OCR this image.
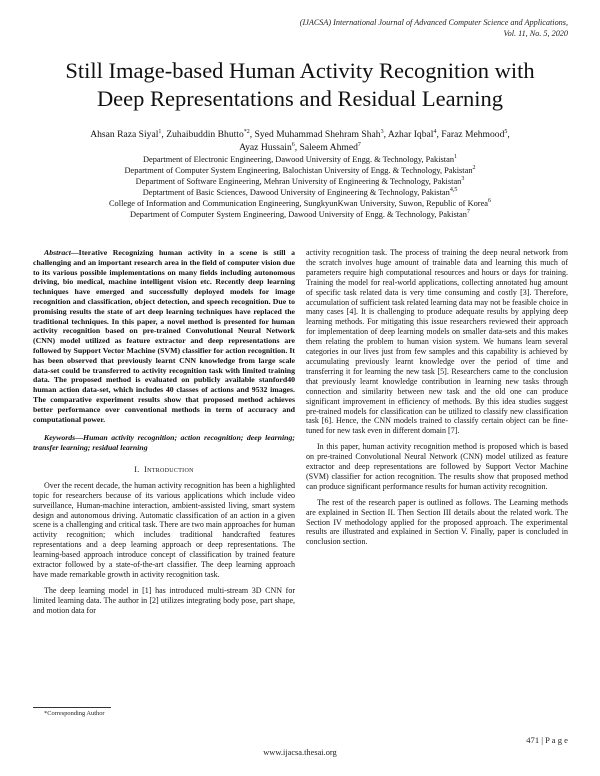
(IJACSA) International Journal of Advanced Computer Science and Applications,
Vol. 11, No. 5, 2020
Still Image-based Human Activity Recognition with
Deep Representations and Residual Learning
Ahsan Raza Siyal$^1$, Zuhaibuddin Bhutto$^{*2}$, Syed Muhammad Shehram Shah$^3$, Azhar Iqbal$^4$, Faraz Mehmood$^5$,
Ayaz Hussain$^6$, Saleem Ahmed$^7$
Department of Electronic Engineering, Dawood University of Engg. & Technology, Pakistan$^1$
Department of Computer System Engineering, Balochistan University of Engg. & Technology, Pakistan$^2$
Department of Software Engineering, Mehran University of Engineering & Technology, Pakistan$^3$
Deptartment of Basic Sciences, Dawood University of Engineering & Technology, Pakistan$^{4,5}$
College of Information and Communication Engineering, SungkyunKwan University, Suwon, Republic of Korea$^6$
Department of Computer System Engineering, Dawood University of Engg. & Technology, Pakistan$^7$
Abstract—Iterative Recognizing human activity in a scene is still a challenging and an important research area in the field of computer vision due to its various possible implementations on many fields including autonomous driving, bio medical, machine intelligent vision etc. Recently deep learning techniques have emerged and successfully deployed models for image recognition and classification, object detection, and speech recognition. Due to promising results the state of art deep learning techniques have replaced the traditional techniques. In this paper, a novel method is presented for human activity recognition based on pre-trained Convolutional Neural Network (CNN) model utilized as feature extractor and deep representations are followed by Support Vector Machine (SVM) classifier for action recognition. It has been observed that previously learnt CNN knowledge from large scale data-set could be transferred to activity recognition task with limited training data. The proposed method is evaluated on publicly available stanford40 human action data-set, which includes 40 classes of actions and 9532 images. The comparative experiment results show that proposed method achieves better performance over conventional methods in term of accuracy and computational power.
Keywords—Human activity recognition; action recognition; deep learning; transfer learning; residual learning
I. Introduction

Over the recent decade, the human activity recognition has been a highlighted topic for researchers because of its various applications which include video surveillance, Human-machine interaction, ambient-assisted living, smart system design and autonomous driving. Automatic classification of an action in a given scene is a challenging and critical task. There are two main approaches for human activity recognition; which includes traditional handcrafted features representations and a deep learning approach or deep representations. The learning-based approach introduce concept of classification by trained feature extractor followed by a state-of-the-art classifier. The deep learning approach have made remarkable growth in activity recognition task.

The deep learning model in [1] has introduced multi-stream 3D CNN for limited learning data. The author in [2] utilizes integrating body pose, part shape, and motion data for

activity recognition task. The process of training the deep neural network from the scratch involves huge amount of trainable data and learning this much of parameters require high computational resources and hours or days for training. Training the model for real-world applications, collecting annotated hug amount of specific task related data is very time consuming and costly [3]. Therefore, accumulation of sufficient task related learning data may not be feasible choice in many cases [4]. It is challenging to produce adequate results by applying deep learning methods. For mitigating this issue researchers reviewed their approach for implementation of deep learning models on smaller data-sets and this makes them relating the problem to human vision system. We humans learn several categories in our lives just from few samples and this capability is achieved by accumulating previously learnt knowledge over the period of time and transferring it for learning the new task [5]. Researchers came to the conclusion that previously learnt knowledge contribution in learning new tasks through connection and similarity between new task and the old one can produce significant improvement in efficiency of methods. By this idea studies suggest pre-trained models for classification can be utilized to classify new classification task [6]. Hence, the CNN models trained to classify certain object can be fine-tuned for new task even in different domain [7].

In this paper, human activity recognition method is proposed which is based on pre-trained Convolutional Neural Network (CNN) model utilized as feature extractor and deep representations are followed by Support Vector Machine (SVM) classifier for action recognition. The results show that proposed method can produce significant performance results for human activity recognition.

The rest of the research paper is outlined as follows. The Learning methods are explained in Section II. Then Section III details about the related work. The Section IV methodology applied for the proposed approach. The experimental results are illustrated and explained in Section V. Finally, paper is concluded in conclusion section.

*Corresponding Author
471 | P a g e
www.ijacsa.thesai.org
